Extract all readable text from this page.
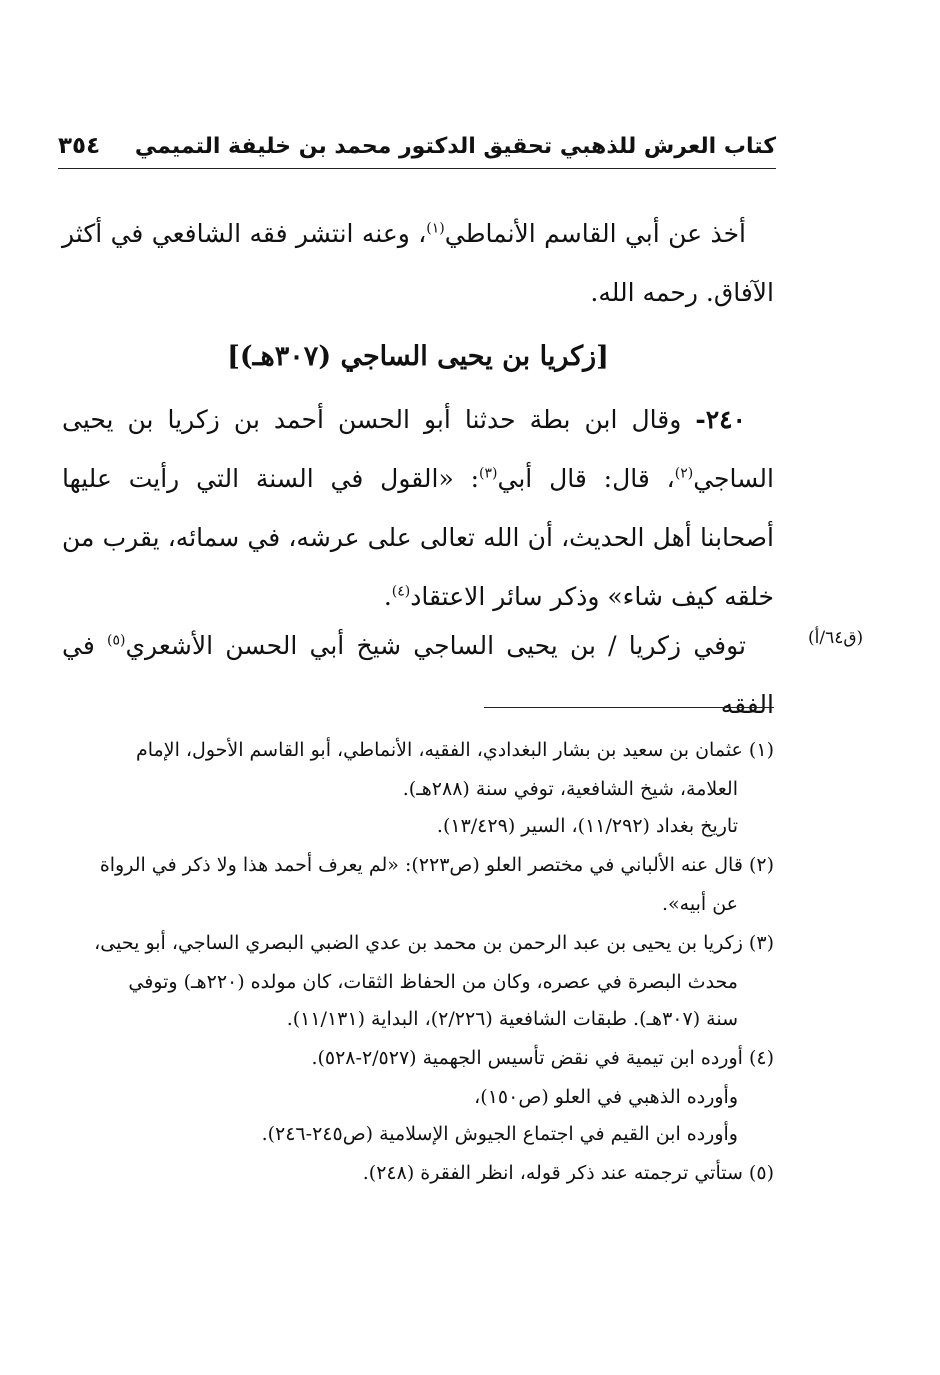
كتاب العرش للذهبي تحقيق الدكتور محمد بن خليفة التميمي
٣٥٤

أخذ عن أبي القاسم الأنماطي$^{(١)}$، وعنه انتشر فقه الشافعي في أكثر الآفاق. رحمه الله.

[زكريا بن يحيى الساجي (٣٠٧هـ)]

٢٤٠- وقال ابن بطة حدثنا أبو الحسن أحمد بن زكريا بن يحيى الساجي$^{(٢)}$، قال: قال أبي$^{(٣)}$: «القول في السنة التي رأيت عليها أصحابنا أهل الحديث، أن الله تعالى على عرشه، في سمائه، يقرب من خلقه كيف شاء» وذكر سائر الاعتقاد$^{(٤)}$.

توفي زكريا / بن يحيى الساجي شيخ أبي الحسن الأشعري$^{(٥)}$ في الفقه

(ق٦٤/أ)

(١) عثمان بن سعيد بن بشار البغدادي، الفقيه، الأنماطي، أبو القاسم الأحول، الإمام

العلامة، شيخ الشافعية، توفي سنة (٢٨٨هـ).

تاريخ بغداد (١١/٢٩٢)، السير (١٣/٤٢٩).

(٢) قال عنه الألباني في مختصر العلو (ص٢٢٣): «لم يعرف أحمد هذا ولا ذكر في الرواة

عن أبيه».

(٣) زكريا بن يحيى بن عبد الرحمن بن محمد بن عدي الضبي البصري الساجي، أبو يحيى،

محدث البصرة في عصره، وكان من الحفاظ الثقات، كان مولده (٢٢٠هـ) وتوفي

سنة (٣٠٧هـ). طبقات الشافعية (٢/٢٢٦)، البداية (١١/١٣١).

(٤) أورده ابن تيمية في نقض تأسيس الجهمية (٢/٥٢٧-٥٢٨).

وأورده الذهبي في العلو (ص١٥٠)،

وأورده ابن القيم في اجتماع الجيوش الإسلامية (ص٢٤٥-٢٤٦).

(٥) ستأتي ترجمته عند ذكر قوله، انظر الفقرة (٢٤٨).
